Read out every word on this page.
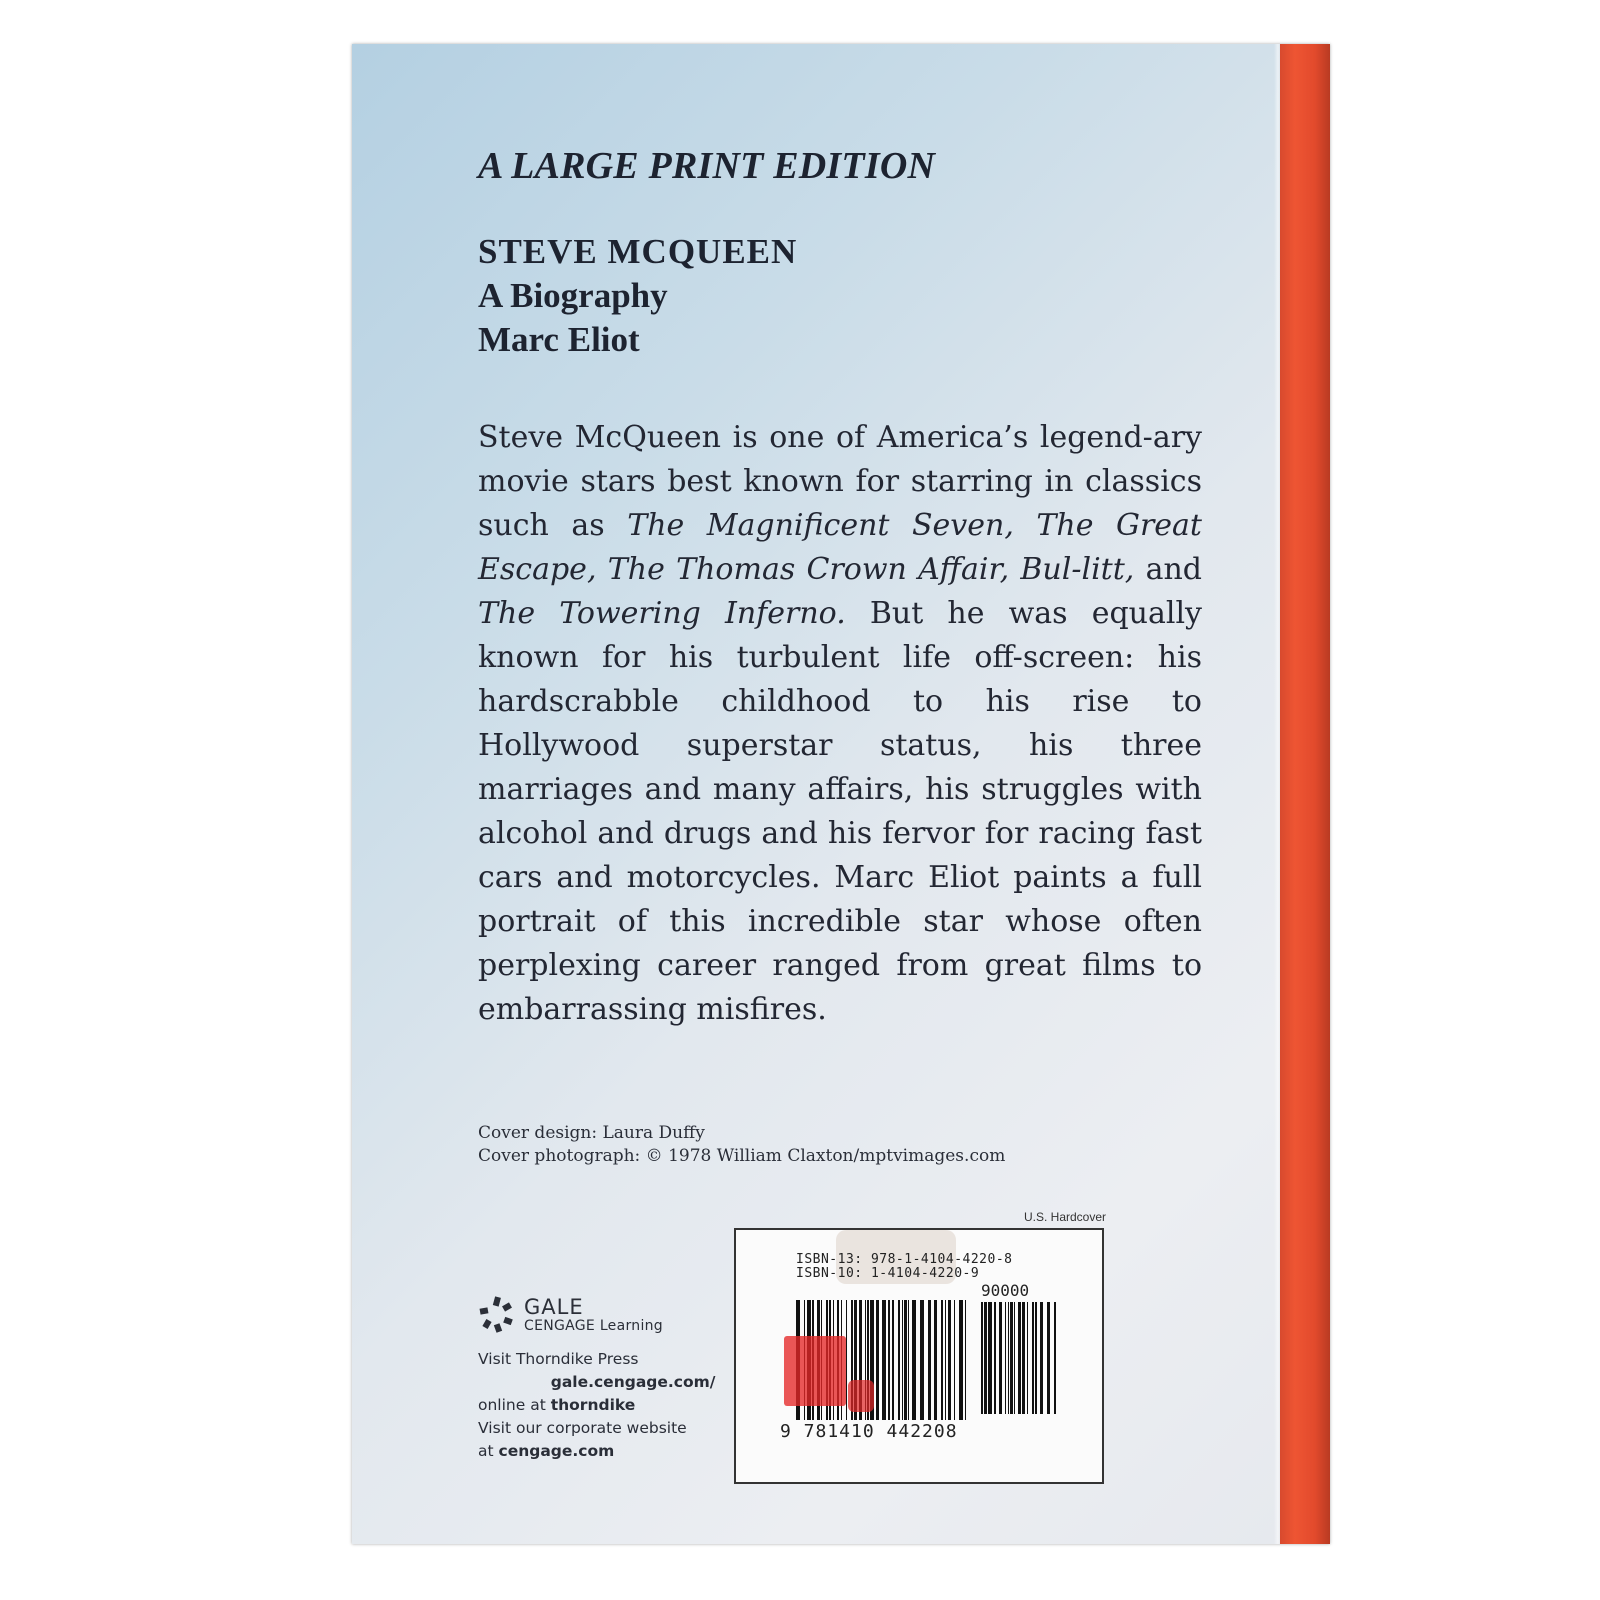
A LARGE PRINT EDITION
STEVE MCQUEEN
A Biography
Marc Eliot

Steve McQueen is one of America’s legend-ary movie stars best known for starring in classics such as The Magnificent Seven, The Great Escape, The Thomas Crown Affair, Bul-litt, and The Towering Inferno. But he was equally known for his turbulent life off-screen: his hardscrabble childhood to his rise to Hollywood superstar status, his three marriages and many affairs, his struggles with alcohol and drugs and his fervor for racing fast cars and motorcycles. Marc Eliot paints a full portrait of this incredible star whose often perplexing career ranged from great films to embarrassing misfires.

Cover design: Laura Duffy
Cover photograph: © 1978 William Claxton/mptvimages.com
U.S. Hardcover
ISBN-13: 978-1-4104-4220-8
ISBN-10: 1-4104-4220-9
90000
9 781410 442208
GALE
CENGAGE Learning
Visit Thorndike Press
online at gale.cengage.com/ thorndike
Visit our corporate website
at cengage.com
